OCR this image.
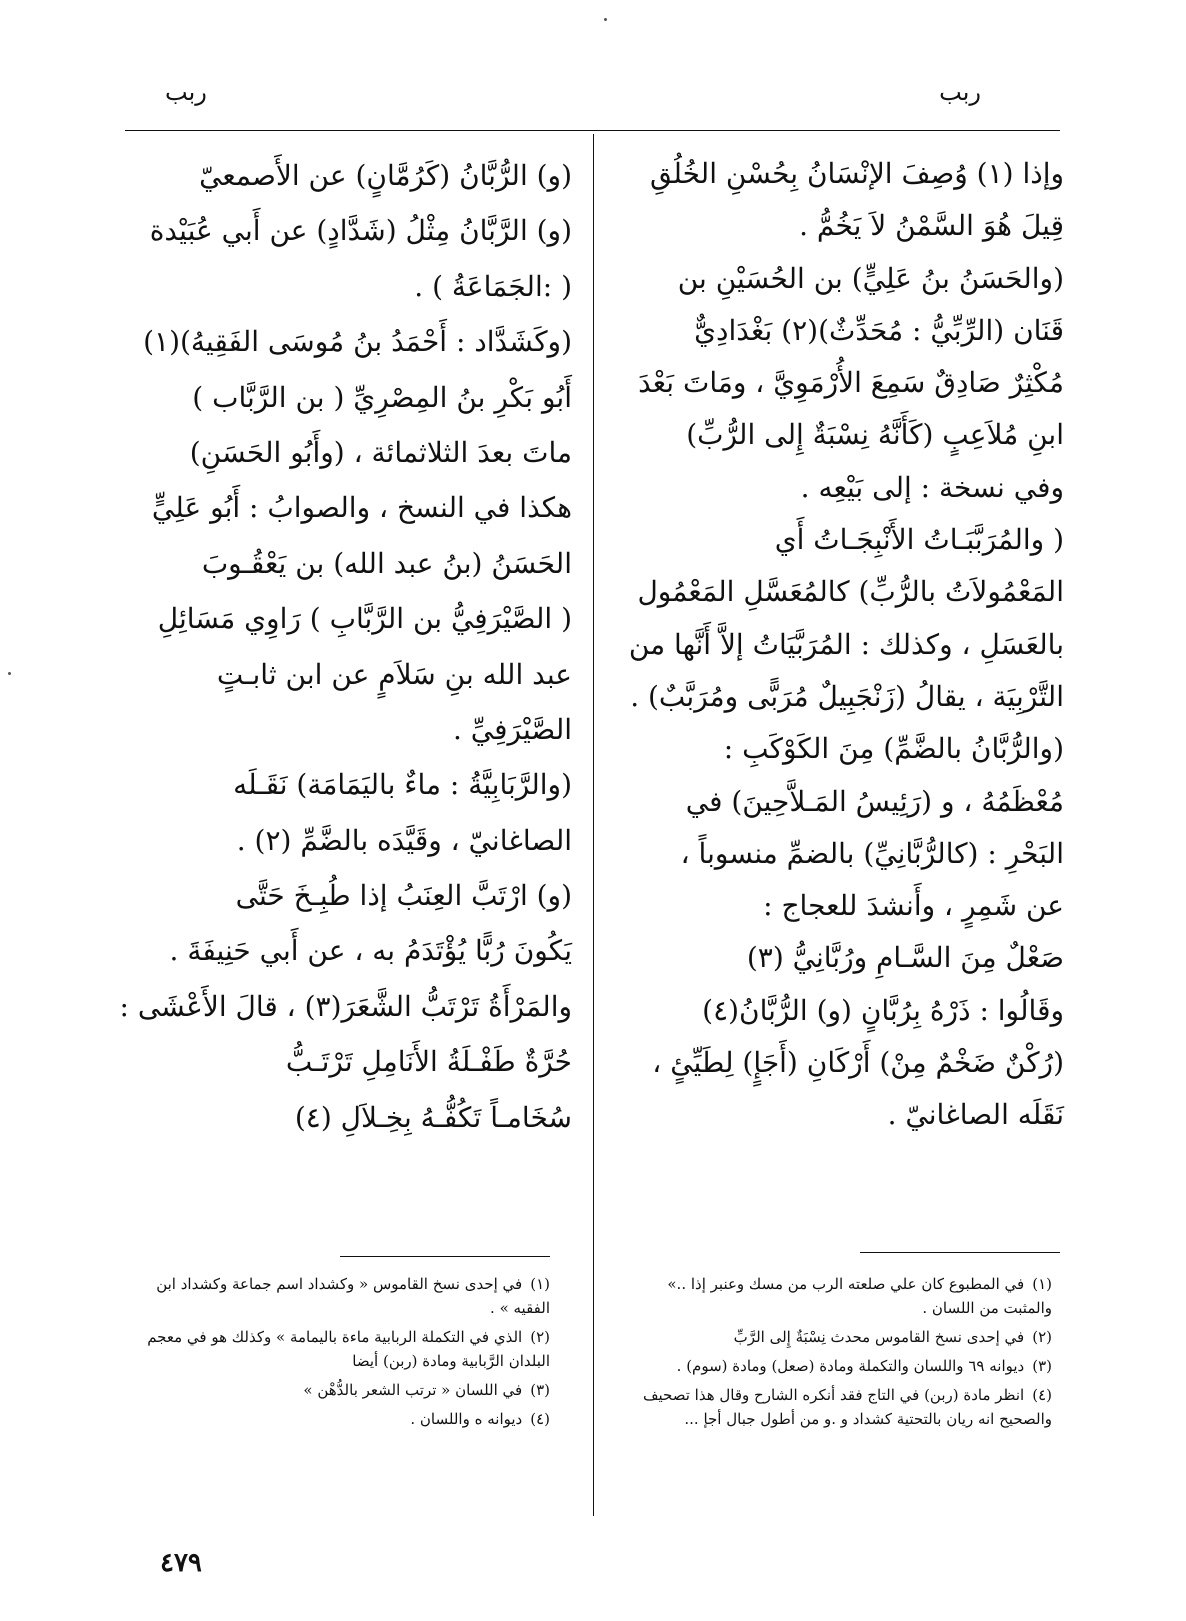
ربب
ربب
وإذا (١) وُصِفَ الإنْسَانُ بِحُسْنِ الخُلُقِ
قِيلَ هُوَ السَّمْنُ لاَ يَخُمُّ .
(والحَسَنُ بنُ عَلِيٍّ) بن الحُسَيْنِ بن
قَنَان (الرِّبِّيُّ : مُحَدِّثٌ)(٢) بَغْدَادِيٌّ
مُكْثِرٌ صَادِقٌ سَمِعَ الأُرْمَوِيَّ ، ومَاتَ بَعْدَ
ابنِ مُلاَعِبٍ (كَأَنَّهُ نِسْبَةٌ إِلى الرُّبِّ)
وفي نسخة : إلى بَيْعِه .
( والمُرَبَّبَـاتُ الأَنْبِجَـاتُ أَي
المَعْمُولاَتُ بالرُّبِّ) كالمُعَسَّلِ المَعْمُول
بالعَسَلِ ، وكذلك : المُرَبَّيَاتُ إلاَّ أَنَّها من
التَّرْبِيَة ، يقالُ (زَنْجَبِيلٌ مُرَبًّى ومُرَبَّبٌ) .
(والرُّبَّانُ بالضَّمِّ) مِنَ الكَوْكَبِ :
مُعْظَمُهُ ، و (رَئِيسُ المَـلاَّحِينَ) في
البَحْرِ : (كالرُّبَّانِيِّ) بالضمِّ منسوباً ،
عن شَمِرٍ ، وأَنشدَ للعجاج :
صَعْلٌ مِنَ السَّـامِ ورُبَّانِيُّ (٣)
وقَالُوا : ذَرْهُ بِرُبَّانٍ (و) الرُّبَّانُ(٤)
(رُكْنٌ ضَخْمٌ مِنْ) أَرْكَانِ (أَجَإٍ) لِطَيِّئٍ ،
نَقَلَه الصاغانيّ .
(و) الرُّبَّانُ (كَرُمَّانٍ) عن الأَصمعيّ
(و) الرَّبَّانُ مِثْلُ (شَدَّادٍ) عن أَبي عُبَيْدة
( :الجَمَاعَةُ ) .
(وكَشَدَّاد : أَحْمَدُ بنُ مُوسَى الفَقِيهُ)(١)
أَبُو بَكْرِ بنُ المِصْرِيِّ ( بن الرَّبَّاب )
ماتَ بعدَ الثلاثمائة ، (وأَبُو الحَسَنِ)
هكذا في النسخ ، والصوابُ : أَبُو عَلِيٍّ
الحَسَنُ (بنُ عبد الله) بن يَعْقُـوبَ
( الصَّيْرَفِيُّ بن الرَّبَّابِ ) رَاوِي مَسَائِلِ
عبد الله بنِ سَلاَمٍ عن ابن ثابـتٍ
الصَّيْرَفِيِّ .
(والرَّبَابِيَّةُ : ماءٌ باليَمَامَة) نَقَـلَه
الصاغانيّ ، وقَيَّدَه بالضَّمِّ (٢) .
(و) ارْتَبَّ العِنَبُ إذا طُبِـخَ حَتَّى
يَكُونَ رُبًّا يُؤْتَدَمُ به ، عن أَبي حَنِيفَةَ .
والمَرْأَةُ تَرْتَبُّ الشَّعَرَ(٣) ، قالَ الأَعْشَى :
حُرَّةٌ طَفْـلَةُ الأَنَامِلِ تَرْتَـبُّ
سُخَامـاً تَكُفُّـهُ بِخِـلاَلِ (٤)
(١)في المطبوع كان علي صلعته الرب من مسك وعنبر إذا ..» والمثبت من اللسان .
(٢)في إحدى نسخ القاموس محدث نِسْبَةٌ إِلى الرَّبِّ
(٣)ديوانه ٦٩ واللسان والتكملة ومادة (صعل) ومادة (سوم) .
(٤)انظر مادة (ربن) في التاج فقد أنكره الشارح وقال هذا تصحيف والصحيح انه ريان بالتحتية كشداد و .و من أطول جبال أجإ ...
(١)في إحدى نسخ القاموس « وكشداد اسم جماعة وكشداد ابن الفقيه » .
(٢)الذي في التكملة الربابية ماءة باليمامة » وكذلك هو في معجم البلدان الرَّبابية ومادة (ربن) أيضا
(٣)في اللسان « ترتب الشعر بالدُّهْن »
(٤)ديوانه ه واللسان .
٤٧٩
